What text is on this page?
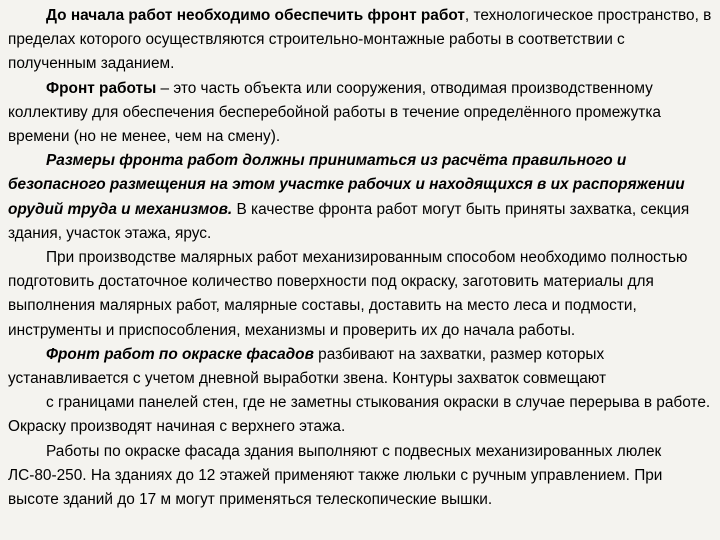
До начала работ необходимо обеспечить фронт работ, технологическое пространство, в пределах которого осуществляются строительно-монтажные работы в соответствии с полученным заданием.

Фронт работы – это часть объекта или сооружения, отводимая производственному коллективу для обеспечения бесперебойной работы в течение определённого промежутка времени (но не менее, чем на смену).

Размеры фронта работ должны приниматься из расчёта правильного и безопасного размещения на этом участке рабочих и находящихся в их распоряжении орудий труда и механизмов. В качестве фронта работ могут быть приняты захватка, секция здания, участок этажа, ярус.

При производстве малярных работ механизированным способом необходимо полностью подготовить достаточное количество поверхности под окраску, заготовить материалы для выполнения малярных работ, малярные составы, доставить на место леса и подмости, инструменты и приспособления, механизмы и проверить их до начала работы.

Фронт работ по окраске фасадов разбивают на захватки, размер которых устанавливается с учетом дневной выработки звена. Контуры захваток совмещают

с границами панелей стен, где не заметны стыкования окраски в случае перерыва в работе. Окраску производят начиная с верхнего этажа.

Работы по окраске фасада здания выполняют с подвесных механизированных люлек ЛС-80-250. На зданиях до 12 этажей применяют также люльки с ручным управлением. При высоте зданий до 17 м могут применяться телескопические вышки.
